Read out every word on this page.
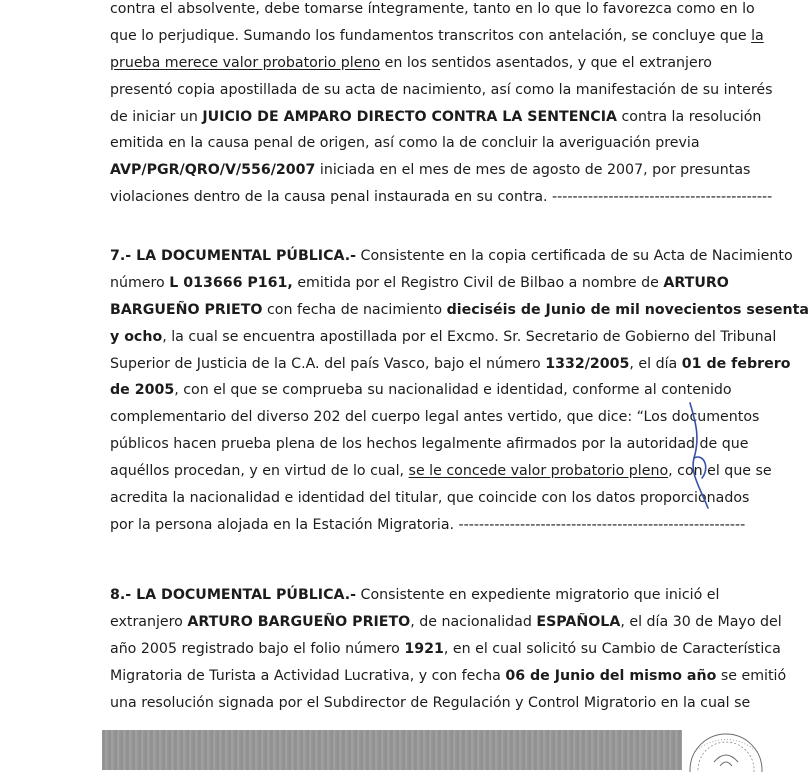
contra el absolvente, debe tomarse íntegramente, tanto en lo que lo favorezca como en lo
que lo perjudique. Sumando los fundamentos transcritos con antelación, se concluye que la
prueba merece valor probatorio pleno en los sentidos asentados, y que el extranjero
presentó copia apostillada de su acta de nacimiento, así como la manifestación de su interés
de iniciar un JUICIO DE AMPARO DIRECTO CONTRA LA SENTENCIA contra la resolución
emitida en la causa penal de origen, así como la de concluir la averiguación previa
AVP/PGR/QRO/V/556/2007 iniciada en el mes de mes de agosto de 2007, por presuntas
violaciones dentro de la causa penal instaurada en su contra. -------------------------------------------
7.- LA DOCUMENTAL PÚBLICA.- Consistente en la copia certificada de su Acta de Nacimiento
número L 013666 P161, emitida por el Registro Civil de Bilbao a nombre de ARTURO
BARGUEÑO PRIETO con fecha de nacimiento dieciséis de Junio de mil novecientos sesenta
y ocho, la cual se encuentra apostillada por el Excmo. Sr. Secretario de Gobierno del Tribunal
Superior de Justicia de la C.A. del país Vasco, bajo el número 1332/2005, el día 01 de febrero
de 2005, con el que se comprueba su nacionalidad e identidad, conforme al contenido
complementario del diverso 202 del cuerpo legal antes vertido, que dice: “Los documentos
públicos hacen prueba plena de los hechos legalmente afirmados por la autoridad de que
aquéllos procedan, y en virtud de lo cual, se le concede valor probatorio pleno, con el que se
acredita la nacionalidad e identidad del titular, que coincide con los datos proporcionados
por la persona alojada en la Estación Migratoria. --------------------------------------------------------
8.- LA DOCUMENTAL PÚBLICA.- Consistente en expediente migratorio que inició el
extranjero ARTURO BARGUEÑO PRIETO, de nacionalidad ESPAÑOLA, el día 30 de Mayo del
año 2005 registrado bajo el folio número 1921, en el cual solicitó su Cambio de Característica
Migratoria de Turista a Actividad Lucrativa, y con fecha 06 de Junio del mismo año se emitió
una resolución signada por el Subdirector de Regulación y Control Migratorio en la cual se
